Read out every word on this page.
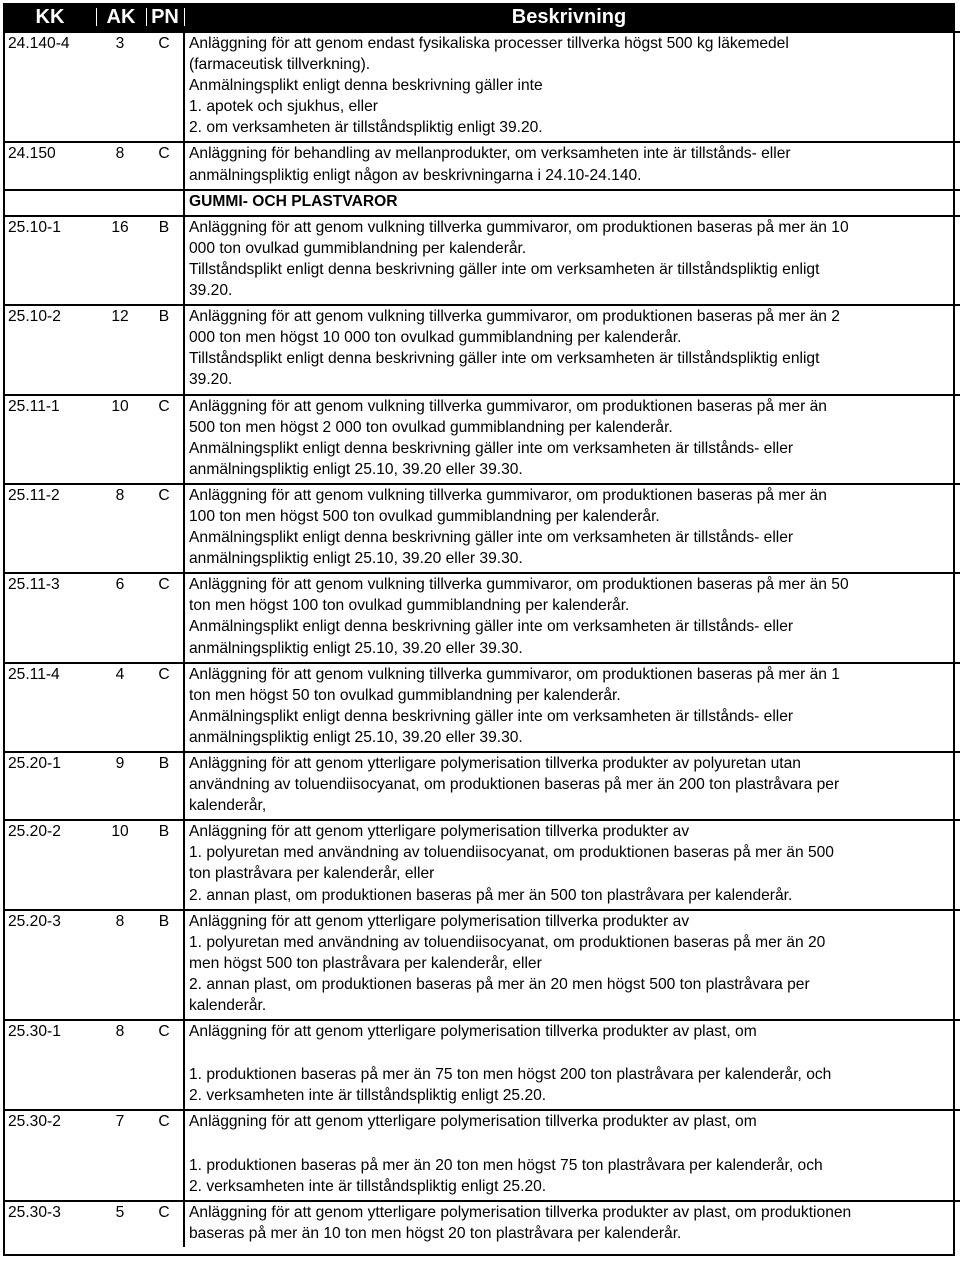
KK	AK PN	Beskrivning
24.140-4	3	C	Anläggning för att genom endast fysikaliska processer tillverka högst 500 kg läkemedel
(farmaceutisk tillverkning).
Anmälningsplikt enligt denna beskrivning gäller inte
1. apotek och sjukhus, eller
2. om verksamheten är tillståndspliktig enligt 39.20.

24.150	8	C	Anläggning för behandling av mellanprodukter, om verksamheten inte är tillstånds- eller
anmälningspliktig enligt någon av beskrivningarna i 24.10-24.140.

			GUMMI- OCH PLASTVAROR
25.10-1	16	B	Anläggning för att genom vulkning tillverka gummivaror, om produktionen baseras på mer än 10
000 ton ovulkad gummiblandning per kalenderår.
Tillståndsplikt enligt denna beskrivning gäller inte om verksamheten är tillståndspliktig enligt
39.20.

25.10-2	12	B	Anläggning för att genom vulkning tillverka gummivaror, om produktionen baseras på mer än 2
000 ton men högst 10 000 ton ovulkad gummiblandning per kalenderår.
Tillståndsplikt enligt denna beskrivning gäller inte om verksamheten är tillståndspliktig enligt
39.20.

25.11-1	10	C	Anläggning för att genom vulkning tillverka gummivaror, om produktionen baseras på mer än
500 ton men högst 2 000 ton ovulkad gummiblandning per kalenderår.
Anmälningsplikt enligt denna beskrivning gäller inte om verksamheten är tillstånds- eller
anmälningspliktig enligt 25.10, 39.20 eller 39.30.

25.11-2	8	C	Anläggning för att genom vulkning tillverka gummivaror, om produktionen baseras på mer än
100 ton men högst 500 ton ovulkad gummiblandning per kalenderår.
Anmälningsplikt enligt denna beskrivning gäller inte om verksamheten är tillstånds- eller
anmälningspliktig enligt 25.10, 39.20 eller 39.30.

25.11-3	6	C	Anläggning för att genom vulkning tillverka gummivaror, om produktionen baseras på mer än 50
ton men högst 100 ton ovulkad gummiblandning per kalenderår.
Anmälningsplikt enligt denna beskrivning gäller inte om verksamheten är tillstånds- eller
anmälningspliktig enligt 25.10, 39.20 eller 39.30.

25.11-4	4	C	Anläggning för att genom vulkning tillverka gummivaror, om produktionen baseras på mer än 1
ton men högst 50 ton ovulkad gummiblandning per kalenderår.
Anmälningsplikt enligt denna beskrivning gäller inte om verksamheten är tillstånds- eller
anmälningspliktig enligt 25.10, 39.20 eller 39.30.

25.20-1	9	B	Anläggning för att genom ytterligare polymerisation tillverka produkter av polyuretan utan
användning av toluendiisocyanat, om produktionen baseras på mer än 200 ton plastråvara per
kalenderår,

25.20-2	10	B	Anläggning för att genom ytterligare polymerisation tillverka produkter av
1. polyuretan med användning av toluendiisocyanat, om produktionen baseras på mer än 500
ton plastråvara per kalenderår, eller
2. annan plast, om produktionen baseras på mer än 500 ton plastråvara per kalenderår.

25.20-3	8	B	Anläggning för att genom ytterligare polymerisation tillverka produkter av
1. polyuretan med användning av toluendiisocyanat, om produktionen baseras på mer än 20
men högst 500 ton plastråvara per kalenderår, eller
2. annan plast, om produktionen baseras på mer än 20 men högst 500 ton plastråvara per
kalenderår.

25.30-1	8	C	Anläggning för att genom ytterligare polymerisation tillverka produkter av plast, om
1. produktionen baseras på mer än 75 ton men högst 200 ton plastråvara per kalenderår, och
2. verksamheten inte är tillståndspliktig enligt 25.20.

25.30-2	7	C	Anläggning för att genom ytterligare polymerisation tillverka produkter av plast, om
1. produktionen baseras på mer än 20 ton men högst 75 ton plastråvara per kalenderår, och
2. verksamheten inte är tillståndspliktig enligt 25.20.

25.30-3	5	C	Anläggning för att genom ytterligare polymerisation tillverka produkter av plast, om produktionen
baseras på mer än 10 ton men högst 20 ton plastråvara per kalenderår.
